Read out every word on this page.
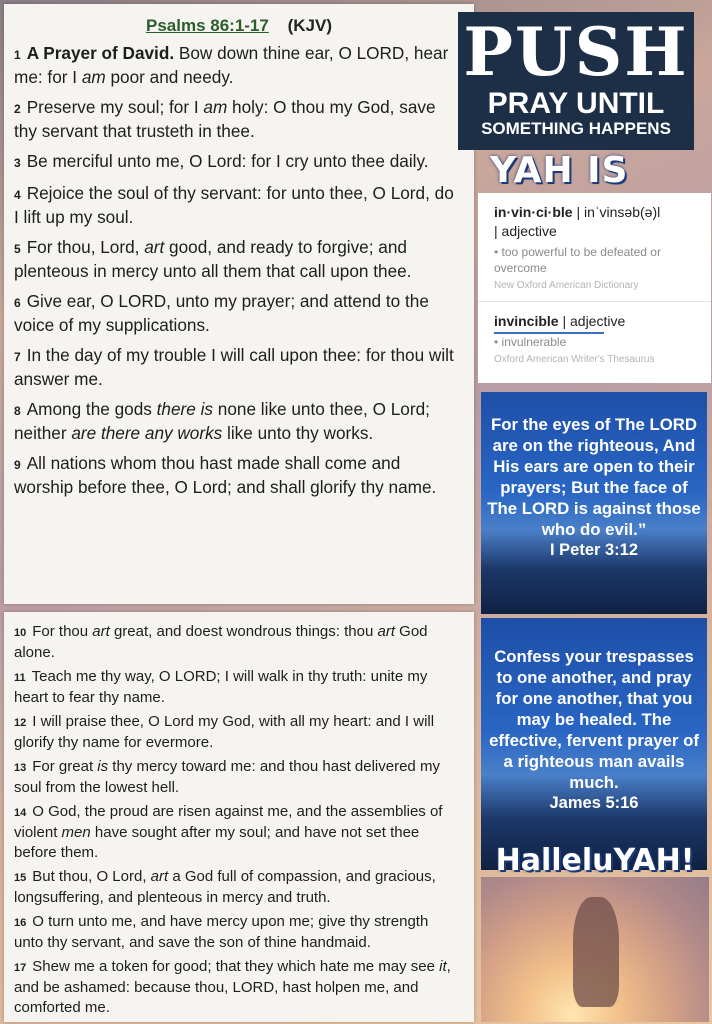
Psalms 86:1-17 (KJV)
1 A Prayer of David. Bow down thine ear, O LORD, hear me: for I am poor and needy.
2 Preserve my soul; for I am holy: O thou my God, save thy servant that trusteth in thee.
3 Be merciful unto me, O Lord: for I cry unto thee daily.
4 Rejoice the soul of thy servant: for unto thee, O Lord, do I lift up my soul.
5 For thou, Lord, art good, and ready to forgive; and plenteous in mercy unto all them that call upon thee.
6 Give ear, O LORD, unto my prayer; and attend to the voice of my supplications.
7 In the day of my trouble I will call upon thee: for thou wilt answer me.
8 Among the gods there is none like unto thee, O Lord; neither are there any works like unto thy works.
9 All nations whom thou hast made shall come and worship before thee, O Lord; and shall glorify thy name.
10 For thou art great, and doest wondrous things: thou art God alone.
11 Teach me thy way, O LORD; I will walk in thy truth: unite my heart to fear thy name.
12 I will praise thee, O Lord my God, with all my heart: and I will glorify thy name for evermore.
13 For great is thy mercy toward me: and thou hast delivered my soul from the lowest hell.
14 O God, the proud are risen against me, and the assemblies of violent men have sought after my soul; and have not set thee before them.
15 But thou, O Lord, art a God full of compassion, and gracious, longsuffering, and plenteous in mercy and truth.
16 O turn unto me, and have mercy upon me; give thy strength unto thy servant, and save the son of thine handmaid.
17 Shew me a token for good; that they which hate me may see it, and be ashamed: because thou, LORD, hast holpen me, and comforted me.
PUSH
PRAY UNTIL
SOMETHING HAPPENS
YAH IS
in·vin·ci·ble | inˈvinsəb(ə)l
| adjective
• too powerful to be defeated or overcome
New Oxford American Dictionary
invincible | adjective
• invulnerable
Oxford American Writer's Thesaurus
For the eyes of The LORD are on the righteous, And His ears are open to their prayers; But the face of The LORD is against those who do evil.”
I Peter 3:12
Confess your trespasses to one another, and pray for one another, that you may be healed. The effective, fervent prayer of a righteous man avails much.
James 5:16
HalleluYAH!
